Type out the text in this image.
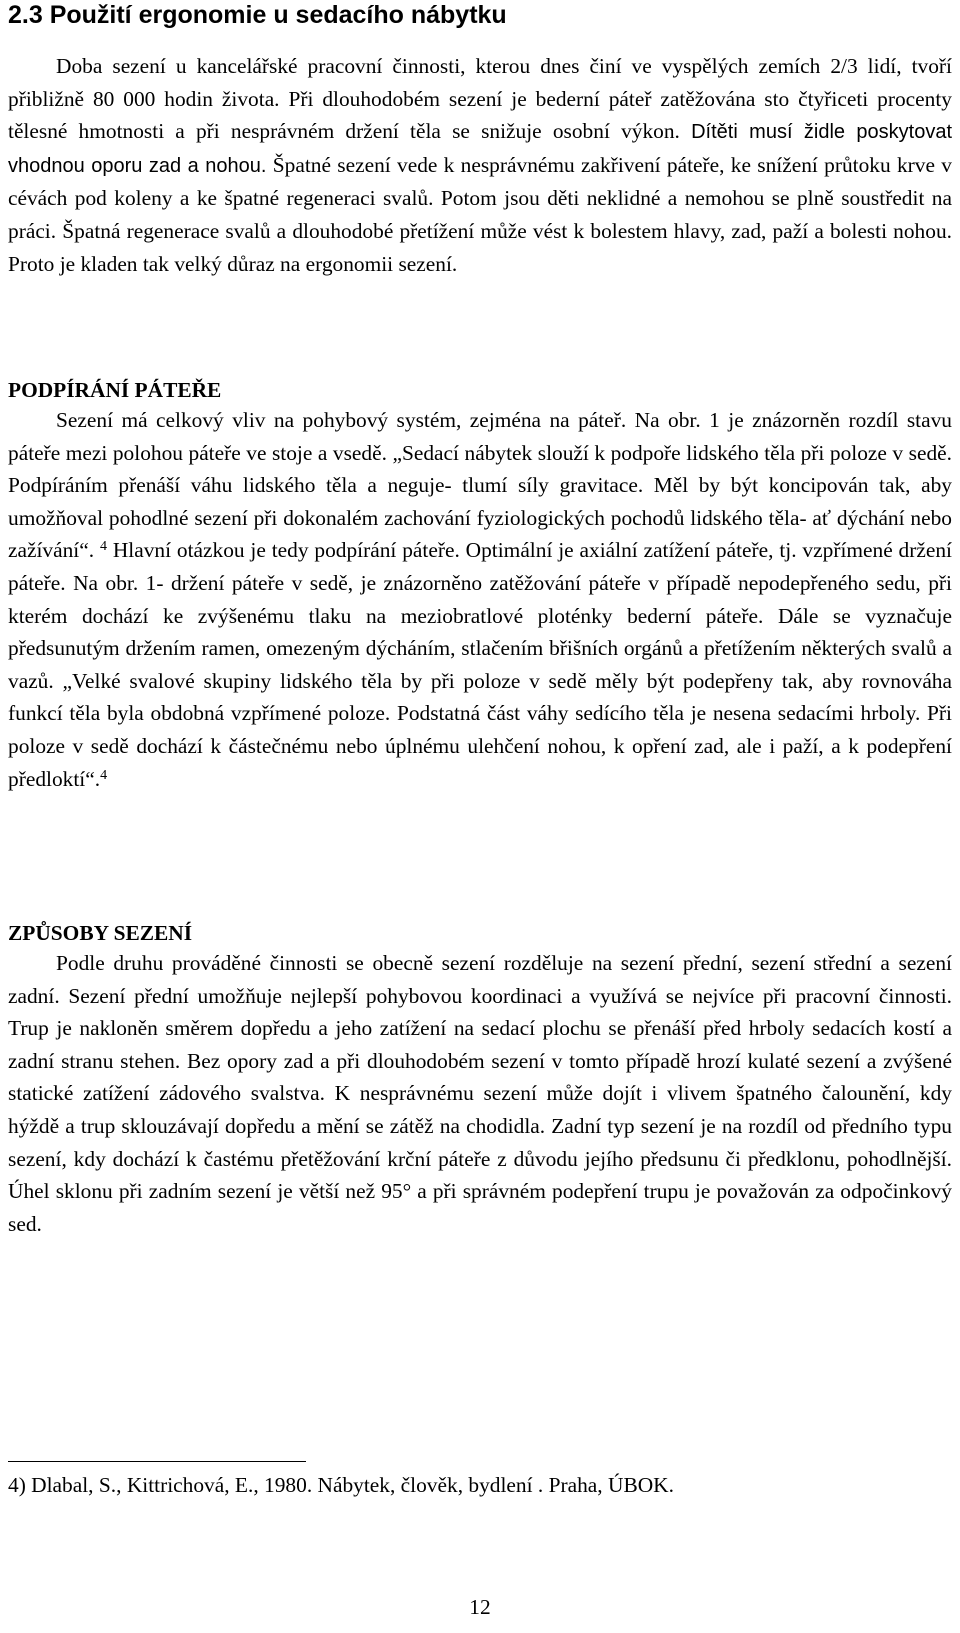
2.3 Použití ergonomie u sedacího nábytku

Doba sezení u kancelářské pracovní činnosti, kterou dnes činí ve vyspělých zemích 2/3 lidí, tvoří přibližně 80 000 hodin života. Při dlouhodobém sezení je bederní páteř zatěžována sto čtyřiceti procenty tělesné hmotnosti a při nesprávném držení těla se snižuje osobní výkon. Dítěti musí židle poskytovat vhodnou oporu zad a nohou. Špatné sezení vede k nesprávnému zakřivení páteře, ke snížení průtoku krve v cévách pod koleny a ke špatné regeneraci svalů. Potom jsou děti neklidné a nemohou se plně soustředit na práci. Špatná regenerace svalů a dlouhodobé přetížení může vést k bolestem hlavy, zad, paží a bolesti nohou. Proto je kladen tak velký důraz na ergonomii sezení.

PODPÍRÁNÍ PÁTEŘE

Sezení má celkový vliv na pohybový systém, zejména na páteř. Na obr. 1 je znázorněn rozdíl stavu páteře mezi polohou páteře ve stoje a vsedě. „Sedací nábytek slouží k podpoře lidského těla při poloze v sedě. Podpíráním přenáší váhu lidského těla a neguje- tlumí síly gravitace. Měl by být koncipován tak, aby umožňoval pohodlné sezení při dokonalém zachování fyziologických pochodů lidského těla- ať dýchání nebo zažívání“. $^4$ Hlavní otázkou je tedy podpírání páteře. Optimální je axiální zatížení páteře, tj. vzpřímené držení páteře. Na obr. 1- držení páteře v sedě, je znázorněno zatěžování páteře v případě nepodepřeného sedu, při kterém dochází ke zvýšenému tlaku na meziobratlové ploténky bederní páteře. Dále se vyznačuje předsunutým držením ramen, omezeným dýcháním, stlačením břišních orgánů a přetížením některých svalů a vazů. „Velké svalové skupiny lidského těla by při poloze v sedě měly být podepřeny tak, aby rovnováha funkcí těla byla obdobná vzpřímené poloze. Podstatná část váhy sedícího těla je nesena sedacími hrboly. Při poloze v sedě dochází k částečnému nebo úplnému ulehčení nohou, k opření zad, ale i paží, a k podepření předloktí“.$^4$

ZPŮSOBY SEZENÍ

Podle druhu prováděné činnosti se obecně sezení rozděluje na sezení přední, sezení střední a sezení zadní. Sezení přední umožňuje nejlepší pohybovou koordinaci a využívá se nejvíce při pracovní činnosti. Trup je nakloněn směrem dopředu a jeho zatížení na sedací plochu se přenáší před hrboly sedacích kostí a zadní stranu stehen. Bez opory zad a při dlouhodobém sezení v tomto případě hrozí kulaté sezení a zvýšené statické zatížení zádového svalstva. K nesprávnému sezení může dojít i vlivem špatného čalounění, kdy hýždě a trup sklouzávají dopředu a mění se zátěž na chodidla. Zadní typ sezení je na rozdíl od předního typu sezení, kdy dochází k častému přetěžování krční páteře z důvodu jejího předsunu či předklonu, pohodlnější. Úhel sklonu při zadním sezení je větší než 95° a při správném podepření trupu je považován za odpočinkový sed.

4) Dlabal, S., Kittrichová, E., 1980. Nábytek, člověk, bydlení . Praha, ÚBOK.

12
